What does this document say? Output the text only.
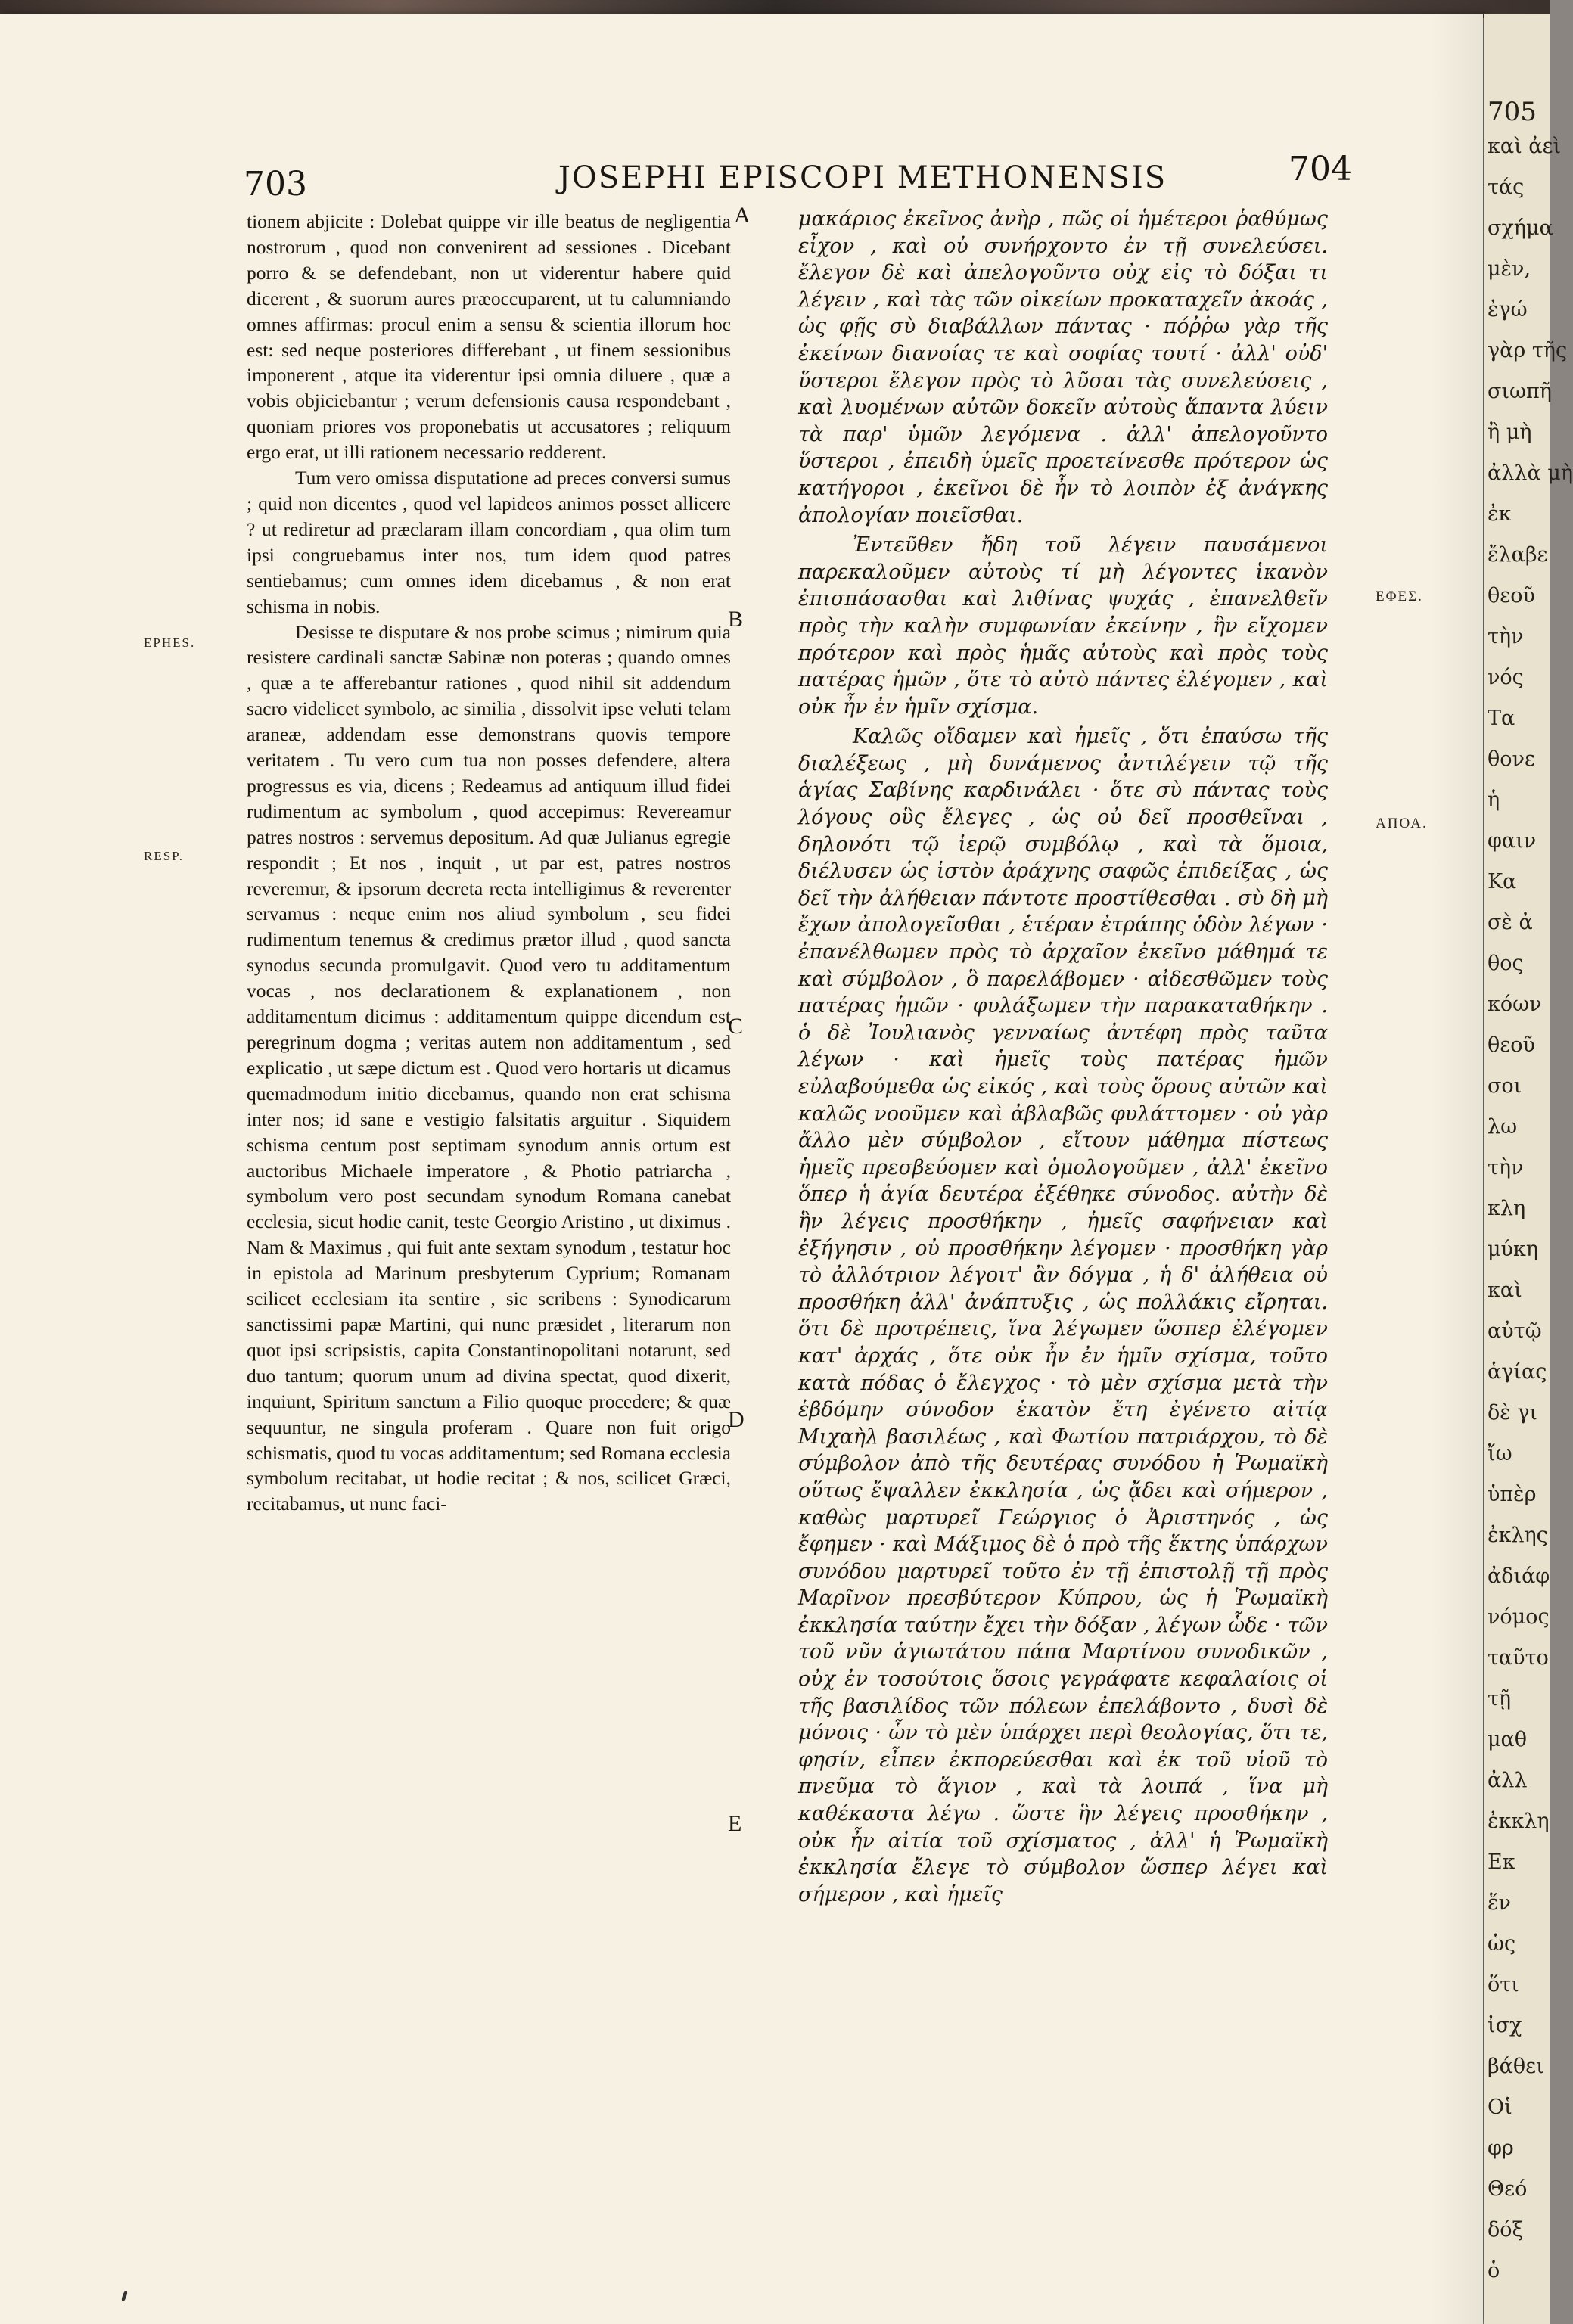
703	JOSEPHI EPISCOPI METHONENSIS	704
EPHES.
RESP.
ΕΦΕΣ.
ΑΠΟΑ.
A
B
C
D
E

tionem abjicite : Dolebat quippe vir ille beatus de negligentia nostrorum , quod non convenirent ad sessiones . Dicebant porro & se defendebant, non ut viderentur habere quid dicerent , & suorum aures præoccuparent, ut tu calumniando omnes affirmas: procul enim a sensu & scientia illorum hoc est: sed neque posteriores differebant , ut finem sessionibus imponerent , atque ita viderentur ipsi omnia diluere , quæ a vobis objiciebantur ; verum defensionis causa respondebant , quoniam priores vos proponebatis ut accusatores ; reliquum ergo erat, ut illi rationem necessario redderent.

Tum vero omissa disputatione ad preces conversi sumus ; quid non dicentes , quod vel lapideos animos posset allicere ? ut rediretur ad præclaram illam concordiam , qua olim tum ipsi congruebamus inter nos, tum idem quod patres sentiebamus; cum omnes idem dicebamus , & non erat schisma in nobis.

Desisse te disputare & nos probe scimus ; nimirum quia resistere cardinali sanctæ Sabinæ non poteras ; quando omnes , quæ a te afferebantur rationes , quod nihil sit addendum sacro videlicet symbolo, ac similia , dissolvit ipse veluti telam araneæ, addendam esse demonstrans quovis tempore veritatem . Tu vero cum tua non posses defendere, altera progressus es via, dicens ; Redeamus ad antiquum illud fidei rudimentum ac symbolum , quod accepimus: Revereamur patres nostros : servemus depositum. Ad quæ Julianus egregie respondit ; Et nos , inquit , ut par est, patres nostros reveremur, & ipsorum decreta recta intelligimus & reverenter servamus : neque enim nos aliud symbolum , seu fidei rudimentum tenemus & credimus prætor illud , quod sancta synodus secunda promulgavit. Quod vero tu additamentum vocas , nos declarationem & explanationem , non additamentum dicimus : additamentum quippe dicendum est peregrinum dogma ; veritas autem non additamentum , sed explicatio , ut sæpe dictum est . Quod vero hortaris ut dicamus quemadmodum initio dicebamus, quando non erat schisma inter nos; id sane e vestigio falsitatis arguitur . Siquidem schisma centum post septimam synodum annis ortum est auctoribus Michaele imperatore , & Photio patriarcha , symbolum vero post secundam synodum Romana canebat ecclesia, sicut hodie canit, teste Georgio Aristino , ut diximus . Nam & Maximus , qui fuit ante sextam synodum , testatur hoc in epistola ad Marinum presbyterum Cyprium; Romanam scilicet ecclesiam ita sentire , sic scribens : Synodicarum sanctissimi papæ Martini, qui nunc præsidet , literarum non quot ipsi scripsistis, capita Constantinopolitani notarunt, sed duo tantum; quorum unum ad divina spectat, quod dixerit, inquiunt, Spiritum sanctum a Filio quoque procedere; & quæ sequuntur, ne singula proferam . Quare non fuit origo schismatis, quod tu vocas additamentum; sed Romana ecclesia symbolum recitabat, ut hodie recitat ; & nos, scilicet Græci, recitabamus, ut nunc faci-

μακάριος ἐκεῖνος ἀνὴρ , πῶς οἱ ἡμέτεροι ῥαθύμως εἶχον , καὶ οὐ συνήρχοντο ἐν τῇ συνελεύσει. ἔλεγον δὲ καὶ ἀπελογοῦντο οὐχ εἰς τὸ δόξαι τι λέγειν , καὶ τὰς τῶν οἰκείων προκαταχεῖν ἀκοάς , ὡς φῇς σὺ διαβάλλων πάντας · πόῤῥω γὰρ τῆς ἐκείνων διανοίας τε καὶ σοφίας τουτί · ἀλλ' οὐδ' ὕστεροι ἔλεγον πρὸς τὸ λῦσαι τὰς συνελεύσεις , καὶ λυομένων αὐτῶν δοκεῖν αὐτοὺς ἅπαντα λύειν τὰ παρ' ὑμῶν λεγόμενα . ἀλλ' ἀπελογοῦντο ὕστεροι , ἐπειδὴ ὑμεῖς προετείνεσθε πρότερον ὡς κατήγοροι , ἐκεῖνοι δὲ ἦν τὸ λοιπὸν ἐξ ἀνάγκης ἀπολογίαν ποιεῖσθαι.

Ἐντεῦθεν ἤδη τοῦ λέγειν παυσάμενοι παρεκαλοῦμεν αὐτοὺς τί μὴ λέγοντες ἱκανὸν ἐπισπάσασθαι καὶ λιθίνας ψυχάς , ἐπανελθεῖν πρὸς τὴν καλὴν συμφωνίαν ἐκείνην , ἣν εἴχομεν πρότερον καὶ πρὸς ἡμᾶς αὐτοὺς καὶ πρὸς τοὺς πατέρας ἡμῶν , ὅτε τὸ αὐτὸ πάντες ἐλέγομεν , καὶ οὐκ ἦν ἐν ἡμῖν σχίσμα.

Καλῶς οἴδαμεν καὶ ἡμεῖς , ὅτι ἐπαύσω τῆς διαλέξεως , μὴ δυνάμενος ἀντιλέγειν τῷ τῆς ἁγίας Σαβίνης καρδινάλει · ὅτε σὺ πάντας τοὺς λόγους οὓς ἔλεγες , ὡς οὐ δεῖ προσθεῖναι , δηλονότι τῷ ἱερῷ συμβόλῳ , καὶ τὰ ὅμοια, διέλυσεν ὡς ἱστὸν ἀράχνης σαφῶς ἐπιδείξας , ὡς δεῖ τὴν ἀλήθειαν πάντοτε προστίθεσθαι . σὺ δὴ μὴ ἔχων ἀπολογεῖσθαι , ἑτέραν ἐτράπης ὁδὸν λέγων · ἐπανέλθωμεν πρὸς τὸ ἀρχαῖον ἐκεῖνο μάθημά τε καὶ σύμβολον , ὃ παρελάβομεν · αἰδεσθῶμεν τοὺς πατέρας ἡμῶν · φυλάξωμεν τὴν παρακαταθήκην . ὁ δὲ Ἰουλιανὸς γενναίως ἀντέφη πρὸς ταῦτα λέγων · καὶ ἡμεῖς τοὺς πατέρας ἡμῶν εὐλαβούμεθα ὡς εἰκός , καὶ τοὺς ὅρους αὐτῶν καὶ καλῶς νοοῦμεν καὶ ἀβλαβῶς φυλάττομεν · οὐ γὰρ ἄλλο μὲν σύμβολον , εἴτουν μάθημα πίστεως ἡμεῖς πρεσβεύομεν καὶ ὁμολογοῦμεν , ἀλλ' ἐκεῖνο ὅπερ ἡ ἁγία δευτέρα ἐξέθηκε σύνοδος. αὐτὴν δὲ ἣν λέγεις προσθήκην , ἡμεῖς σαφήνειαν καὶ ἐξήγησιν , οὐ προσθήκην λέγομεν · προσθήκη γὰρ τὸ ἀλλότριον λέγοιτ' ἂν δόγμα , ἡ δ' ἀλήθεια οὐ προσθήκη ἀλλ' ἀνάπτυξις , ὡς πολλάκις εἴρηται. ὅτι δὲ προτρέπεις, ἵνα λέγωμεν ὥσπερ ἐλέγομεν κατ' ἀρχάς , ὅτε οὐκ ἦν ἐν ἡμῖν σχίσμα, τοῦτο κατὰ πόδας ὁ ἔλεγχος · τὸ μὲν σχίσμα μετὰ τὴν ἑβδόμην σύνοδον ἑκατὸν ἔτη ἐγένετο αἰτίᾳ Μιχαὴλ βασιλέως , καὶ Φωτίου πατριάρχου, τὸ δὲ σύμβολον ἀπὸ τῆς δευτέρας συνόδου ἡ Ῥωμαϊκὴ οὕτως ἔψαλλεν ἐκκλησία , ὡς ᾄδει καὶ σήμερον , καθὼς μαρτυρεῖ Γεώργιος ὁ Ἀριστηνός , ὡς ἔφημεν · καὶ Μάξιμος δὲ ὁ πρὸ τῆς ἕκτης ὑπάρχων συνόδου μαρτυρεῖ τοῦτο ἐν τῇ ἐπιστολῇ τῇ πρὸς Μαρῖνον πρεσβύτερον Κύπρου, ὡς ἡ Ῥωμαϊκὴ ἐκκλησία ταύτην ἔχει τὴν δόξαν , λέγων ὧδε · τῶν τοῦ νῦν ἁγιωτάτου πάπα Μαρτίνου συνοδικῶν , οὐχ ἐν τοσούτοις ὅσοις γεγράφατε κεφαλαίοις οἱ τῆς βασιλίδος τῶν πόλεων ἐπελάβοντο , δυσὶ δὲ μόνοις · ὧν τὸ μὲν ὑπάρχει περὶ θεολογίας, ὅτι τε, φησίν, εἶπεν ἐκπορεύεσθαι καὶ ἐκ τοῦ υἱοῦ τὸ πνεῦμα τὸ ἅγιον , καὶ τὰ λοιπά , ἵνα μὴ καθέκαστα λέγω . ὥστε ἣν λέγεις προσθήκην , οὐκ ἦν αἰτία τοῦ σχίσματος , ἀλλ' ἡ Ῥωμαϊκὴ ἐκκλησία ἔλεγε τὸ σύμβολον ὥσπερ λέγει καὶ σήμερον , καὶ ἡμεῖς

705
καὶ ἀεὶ
τάς
σχήμα
μὲν,
ἐγώ
γὰρ τῆς
σιωπῆ
ἢ μὴ
ἀλλὰ μὴ
ἐκ
ἔλαβε
θεοῦ
τὴν
νός
Τα
θονε
ἡ
φαιν
Κα
σὲ ἀ
θος
κόων
θεοῦ
σοι
λω
τὴν
κλη
μύκη
καὶ
αὐτῷ
ἁγίας
δὲ γι
ἴω
ὑπὲρ
ἐκλης
ἀδιάφ
νόμος
ταῦτο
τῇ
μαθ
ἀλλ
ἐκκλη
Εκ
ἕν
ὡς
ὅτι
ἰσχ
βάθει
Οἱ
φρ
Θεό
δόξ
ὁ
